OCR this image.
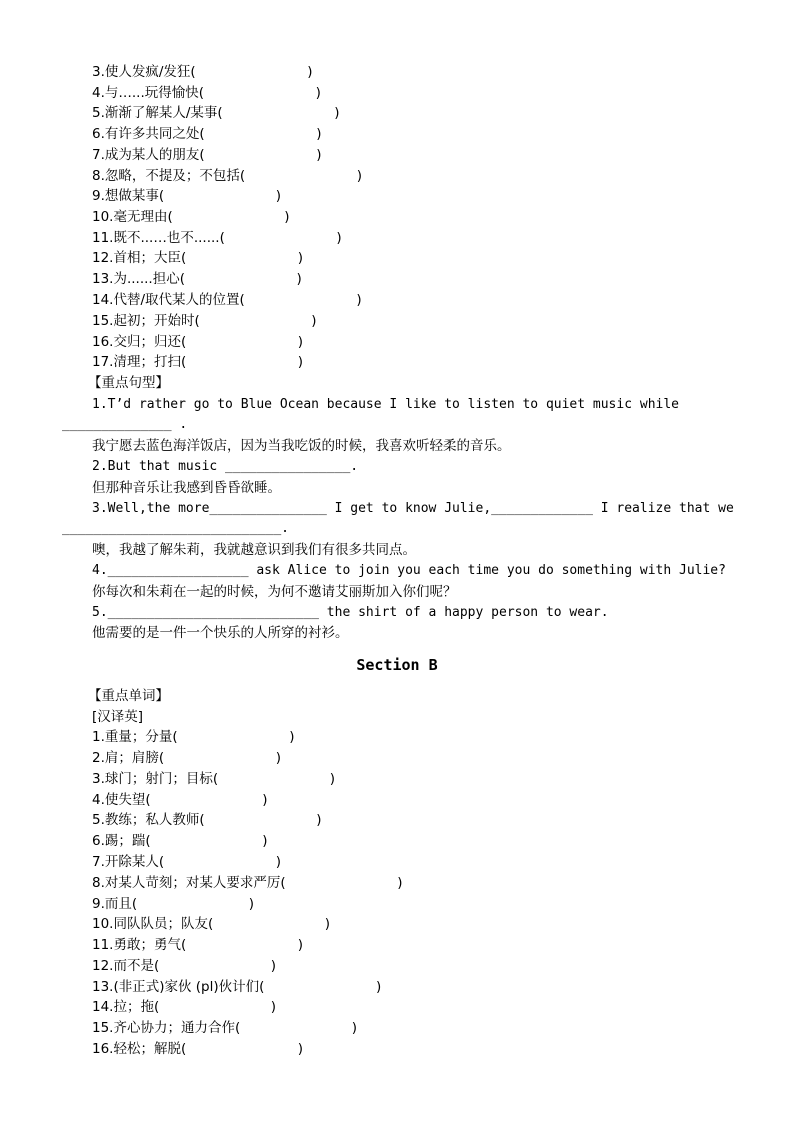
3.使人发疯/发狂(                          )
4.与…...玩得愉快(                          )
5.渐渐了解某人/某事(                          )
6.有许多共同之处(                          )
7.成为某人的朋友(                          )
8.忽略，不提及；不包括(                          )
9.想做某事(                          )
10.毫无理由(                          )
11.既不...…也不......(                          )
12.首相；大臣(                          )
13.为......担心(                          )
14.代替/取代某人的位置(                          )
15.起初；开始时(                          )
16.交归；归还(                          )
17.清理；打扫(                          )
【重点句型】
1.T’d rather go to Blue Ocean because I like to listen to quiet music while
______________ .
我宁愿去蓝色海洋饭店，因为当我吃饭的时候，我喜欢听轻柔的音乐。
2.But that music ________________.
但那种音乐让我感到昏昏欲睡。
3.Well,the more_______________ I get to know Julie,_____________ I realize that we
____________________________.
噢，我越了解朱莉，我就越意识到我们有很多共同点。
4.__________________ ask Alice to join you each time you do something with Julie?
你每次和朱莉在一起的时候，为何不邀请艾丽斯加入你们呢？
5.___________________________ the shirt of a happy person to wear.
他需要的是一件一个快乐的人所穿的衬衫。
Section B
【重点单词】
[汉译英]
1.重量；分量(                          )
2.肩；肩膀(                          )
3.球门；射门；目标(                          )
4.使失望(                          )
5.教练；私人教师(                          )
6.踢；踹(                          )
7.开除某人(                          )
8.对某人苛刻；对某人要求严厉(                          )
9.而且(                          )
10.同队队员；队友(                          )
11.勇敢；勇气(                          )
12.而不是(                          )
13.(非正式)家伙 (pl)伙计们(                          )
14.拉；拖(                          )
15.齐心协力；通力合作(                          )
16.轻松；解脱(                          )
